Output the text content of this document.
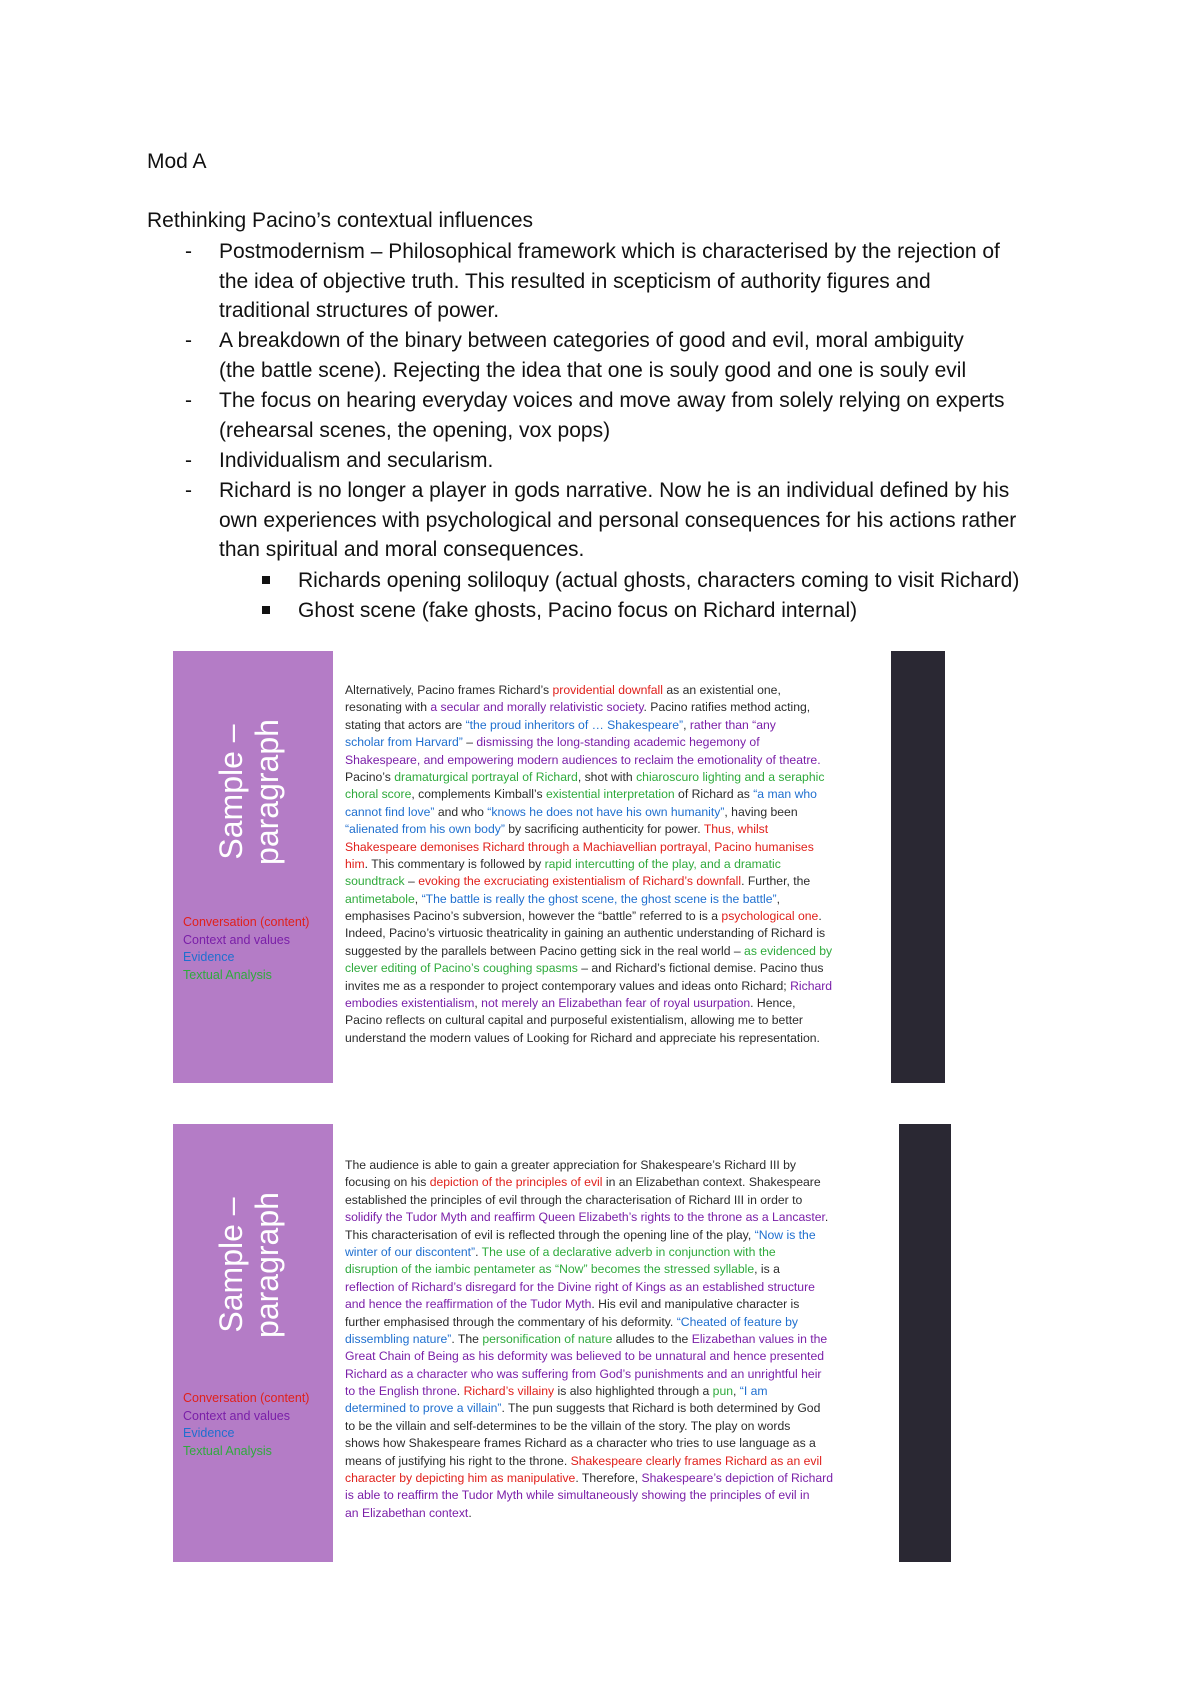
Mod A
Rethinking Pacino’s contextual influences
- Postmodernism – Philosophical framework which is characterised by the rejection of
the idea of objective truth. This resulted in scepticism of authority figures and
traditional structures of power.
- A breakdown of the binary between categories of good and evil, moral ambiguity
(the battle scene). Rejecting the idea that one is souly good and one is souly evil
- The focus on hearing everyday voices and move away from solely relying on experts
(rehearsal scenes, the opening, vox pops)
- Individualism and secularism.
- Richard is no longer a player in gods narrative. Now he is an individual defined by his
own experiences with psychological and personal consequences for his actions rather
than spiritual and moral consequences.
Richards opening soliloquy (actual ghosts, characters coming to visit Richard)
Ghost scene (fake ghosts, Pacino focus on Richard internal)
Sample – paragraph
Conversation (content)
Context and values
Evidence
Textual Analysis
Alternatively, Pacino frames Richard’s providential downfall as an existential one,
resonating with a secular and morally relativistic society. Pacino ratifies method acting,
stating that actors are “the proud inheritors of … Shakespeare”, rather than “any
scholar from Harvard” – dismissing the long-standing academic hegemony of
Shakespeare, and empowering modern audiences to reclaim the emotionality of theatre.
Pacino’s dramaturgical portrayal of Richard, shot with chiaroscuro lighting and a seraphic
choral score, complements Kimball’s existential interpretation of Richard as “a man who
cannot find love” and who “knows he does not have his own humanity”, having been
“alienated from his own body” by sacrificing authenticity for power. Thus, whilst
Shakespeare demonises Richard through a Machiavellian portrayal, Pacino humanises
him. This commentary is followed by rapid intercutting of the play, and a dramatic
soundtrack – evoking the excruciating existentialism of Richard’s downfall. Further, the
antimetabole, “The battle is really the ghost scene, the ghost scene is the battle”,
emphasises Pacino’s subversion, however the “battle” referred to is a psychological one.
Indeed, Pacino’s virtuosic theatricality in gaining an authentic understanding of Richard is
suggested by the parallels between Pacino getting sick in the real world – as evidenced by
clever editing of Pacino’s coughing spasms – and Richard’s fictional demise. Pacino thus
invites me as a responder to project contemporary values and ideas onto Richard; Richard
embodies existentialism, not merely an Elizabethan fear of royal usurpation. Hence,
Pacino reflects on cultural capital and purposeful existentialism, allowing me to better
understand the modern values of Looking for Richard and appreciate his representation.
Sample – paragraph
Conversation (content)
Context and values
Evidence
Textual Analysis
The audience is able to gain a greater appreciation for Shakespeare’s Richard III by
focusing on his depiction of the principles of evil in an Elizabethan context. Shakespeare
established the principles of evil through the characterisation of Richard III in order to
solidify the Tudor Myth and reaffirm Queen Elizabeth’s rights to the throne as a Lancaster.
This characterisation of evil is reflected through the opening line of the play, “Now is the
winter of our discontent”. The use of a declarative adverb in conjunction with the
disruption of the iambic pentameter as “Now” becomes the stressed syllable, is a
reflection of Richard’s disregard for the Divine right of Kings as an established structure
and hence the reaffirmation of the Tudor Myth. His evil and manipulative character is
further emphasised through the commentary of his deformity. “Cheated of feature by
dissembling nature”. The personification of nature alludes to the Elizabethan values in the
Great Chain of Being as his deformity was believed to be unnatural and hence presented
Richard as a character who was suffering from God’s punishments and an unrightful heir
to the English throne. Richard’s villainy is also highlighted through a pun, “I am
determined to prove a villain”. The pun suggests that Richard is both determined by God
to be the villain and self-determines to be the villain of the story. The play on words
shows how Shakespeare frames Richard as a character who tries to use language as a
means of justifying his right to the throne. Shakespeare clearly frames Richard as an evil
character by depicting him as manipulative. Therefore, Shakespeare’s depiction of Richard
is able to reaffirm the Tudor Myth while simultaneously showing the principles of evil in
an Elizabethan context.
